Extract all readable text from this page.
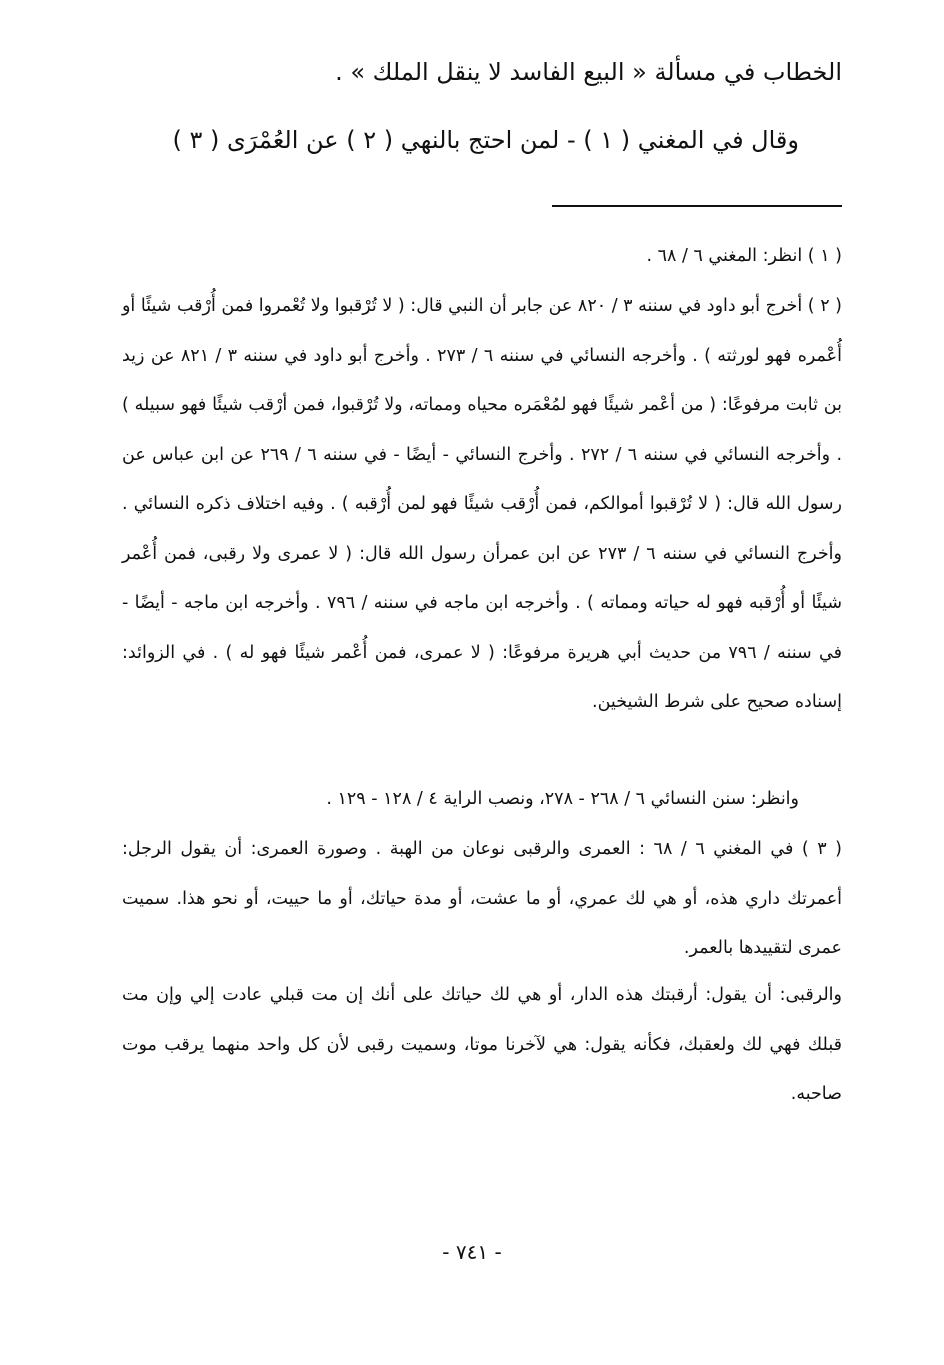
الخطاب في مسألة « البيع الفاسد لا ينقل الملك » .
وقال في المغني ( ١ ) - لمن احتج بالنهي ( ٢ ) عن العُمْرَى ( ٣ )
( ١ ) انظر: المغني ٦ / ٦٨ .
( ٢ ) أخرج أبو داود في سننه ٣ / ٨٢٠ عن جابر أن النبي قال: ( لا تُرْقبوا ولا تُعْمروا فمن أُرْقب شيئًا أو أُعْمره فهو لورثته ) . وأخرجه النسائي في سننه ٦ / ٢٧٣ . وأخرج أبو داود في سننه ٣ / ٨٢١ عن زيد بن ثابت مرفوعًا: ( من أعْمر شيئًا فهو لمُعْمَره محياه ومماته، ولا تُرْقبوا، فمن أرْقب شيئًا فهو سبيله ) . وأخرجه النسائي في سننه ٦ / ٢٧٢ . وأخرج النسائي - أيضًا - في سننه ٦ / ٢٦٩ عن ابن عباس عن رسول الله قال: ( لا تُرْقبوا أموالكم، فمن أُرْقب شيئًا فهو لمن أُرْقبه ) . وفيه اختلاف ذكره النسائي . وأخرج النسائي في سننه ٦ / ٢٧٣ عن ابن عمرأن رسول الله قال: ( لا عمرى ولا رقبى، فمن أُعْمر شيئًا أو أُرْقبه فهو له حياته ومماته ) . وأخرجه ابن ماجه في سننه / ٧٩٦ . وأخرجه ابن ماجه - أيضًا - في سننه / ٧٩٦ من حديث أبي هريرة مرفوعًا: ( لا عمرى، فمن أُعْمر شيئًا فهو له ) . في الزوائد: إسناده صحيح على شرط الشيخين.
وانظر: سنن النسائي ٦ / ٢٦٨ - ٢٧٨، ونصب الراية ٤ / ١٢٨ - ١٢٩ .
( ٣ ) في المغني ٦ / ٦٨ : العمرى والرقبى نوعان من الهبة . وصورة العمرى: أن يقول الرجل: أعمرتك داري هذه، أو هي لك عمري، أو ما عشت، أو مدة حياتك، أو ما حييت، أو نحو هذا. سميت عمرى لتقييدها بالعمر.
والرقبى: أن يقول: أرقبتك هذه الدار، أو هي لك حياتك على أنك إن مت قبلي عادت إلي وإن مت قبلك فهي لك ولعقبك، فكأنه يقول: هي لآخرنا موتا، وسميت رقبى لأن كل واحد منهما يرقب موت صاحبه.
- ٧٤١ -
